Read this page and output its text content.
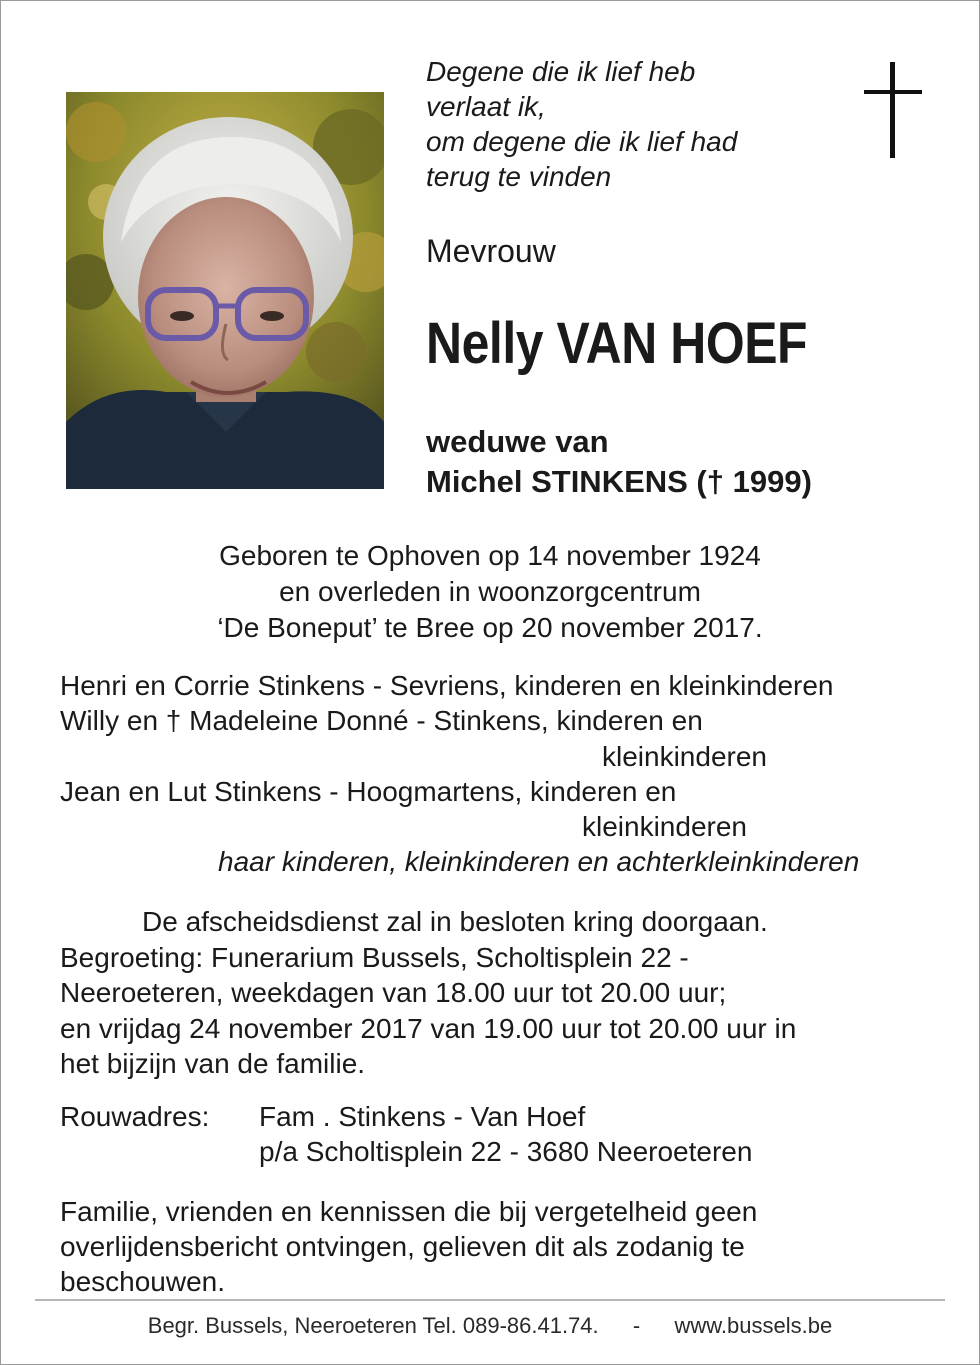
Degene die ik lief heb
verlaat ik,
om degene die ik lief had
terug te vinden
Mevrouw
Nelly VAN HOEF
weduwe van
Michel STINKENS († 1999)
Geboren te Ophoven op 14 november 1924
en overleden in woonzorgcentrum
‘De Boneput’ te Bree op 20 november 2017.
Henri en Corrie Stinkens - Sevriens, kinderen en kleinkinderen
Willy en † Madeleine Donné - Stinkens, kinderen en
kleinkinderen
Jean en Lut Stinkens - Hoogmartens, kinderen en
kleinkinderen
haar kinderen, kleinkinderen en achterkleinkinderen
De afscheidsdienst zal in besloten kring doorgaan.
Begroeting: Funerarium Bussels, Scholtisplein 22 -
Neeroeteren, weekdagen van 18.00 uur tot 20.00 uur;
en vrijdag 24 november 2017 van 19.00 uur tot 20.00 uur in
het bijzijn van de familie.
Rouwadres: Fam . Stinkens - Van Hoef
p/a Scholtisplein 22 - 3680 Neeroeteren
Familie, vrienden en kennissen die bij vergetelheid geen
overlijdensbericht ontvingen, gelieven dit als zodanig te
beschouwen.
Begr. Bussels, Neeroeteren Tel. 089-86.41.74. - www.bussels.be
